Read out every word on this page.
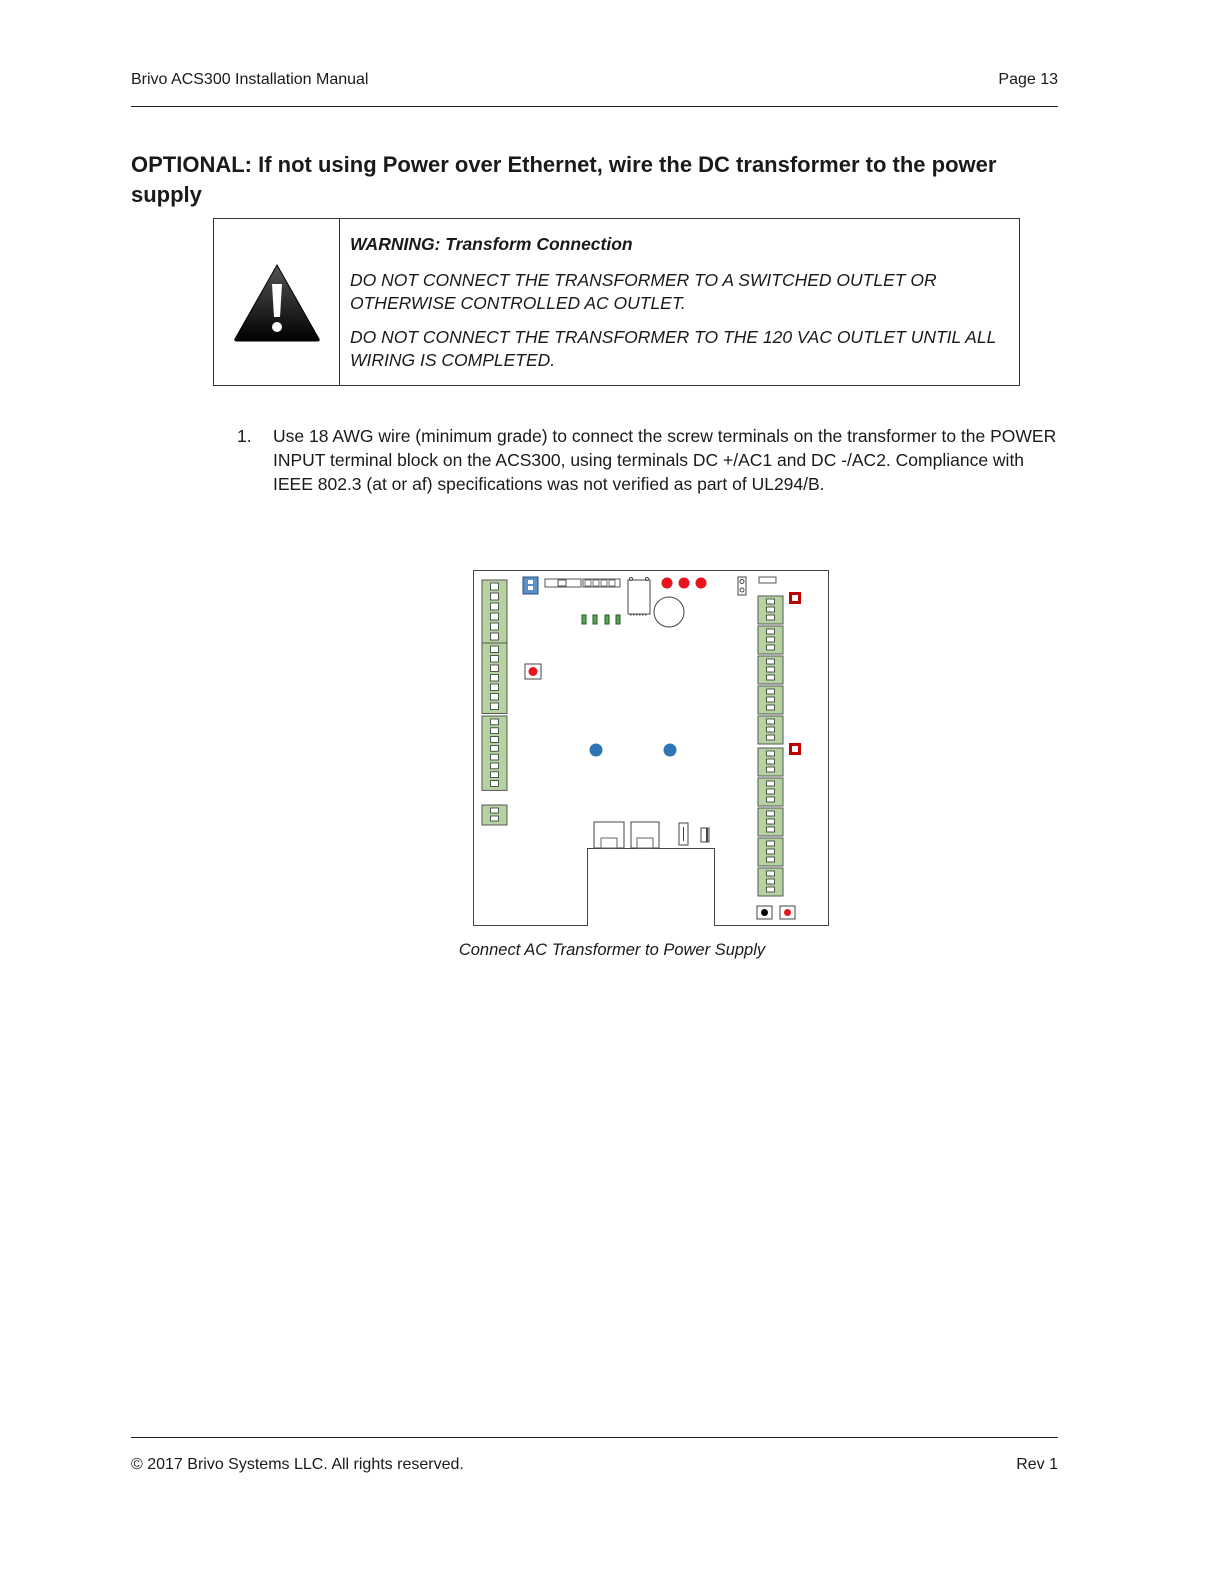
Brivo ACS300 Installation Manual	Page 13
OPTIONAL: If not using Power over Ethernet, wire the DC transformer to the power supply

WARNING: Transform Connection

DO NOT CONNECT THE TRANSFORMER TO A SWITCHED OUTLET OR OTHERWISE CONTROLLED AC OUTLET.

DO NOT CONNECT THE TRANSFORMER TO THE 120 VAC OUTLET UNTIL ALL WIRING IS COMPLETED.

1.	Use 18 AWG wire (minimum grade) to connect the screw terminals on the transformer to the POWER INPUT terminal block on the ACS300, using terminals DC +/AC1 and DC -/AC2. Compliance with IEEE 802.3 (at or af) specifications was not verified as part of UL294/B.
Connect AC Transformer to Power Supply
© 2017 Brivo Systems LLC. All rights reserved.	Rev 1
